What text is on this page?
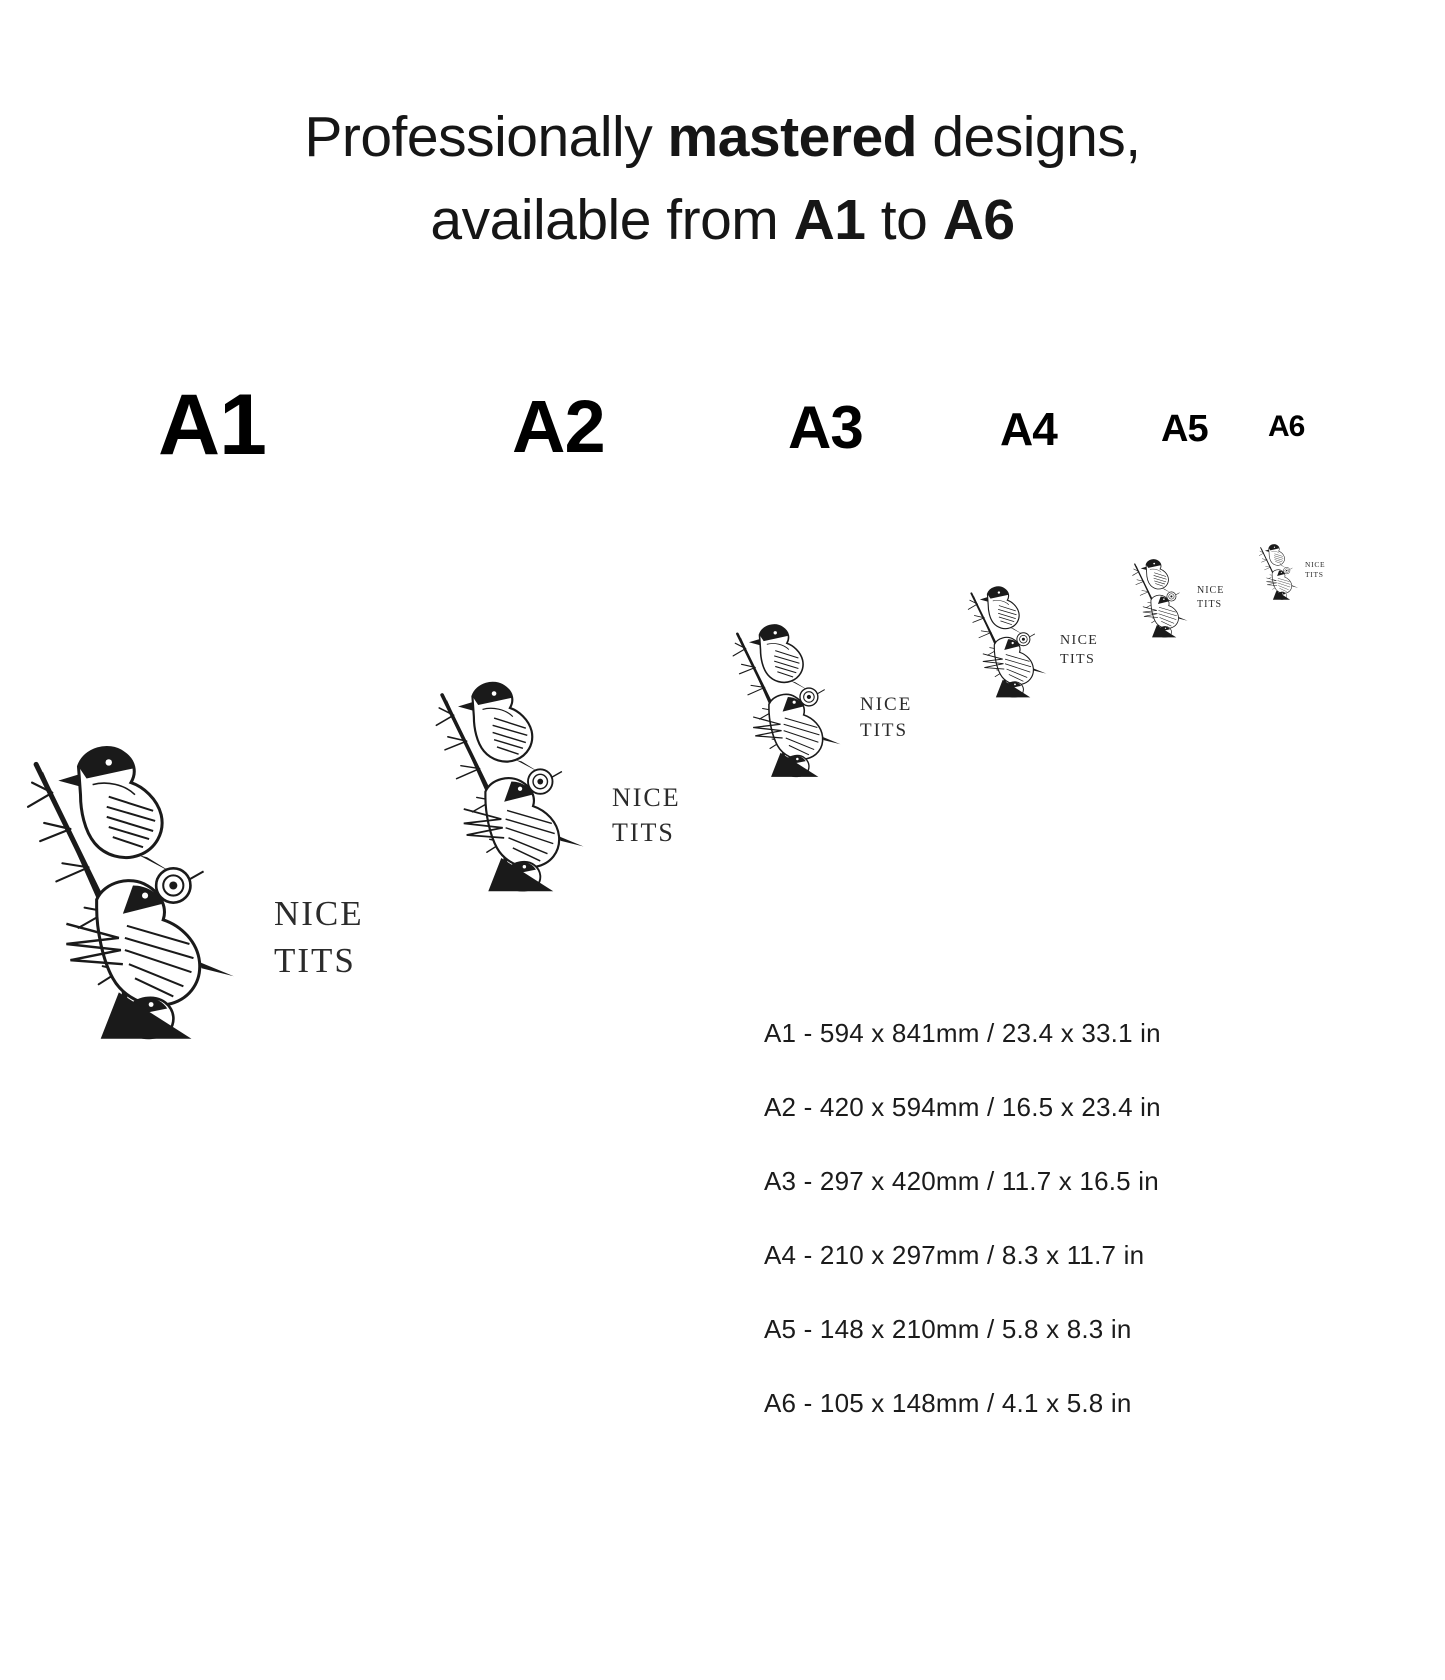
Professionally mastered designs,
available from A1 to A6
A1	A2	A3	A4	A5 A6
NICE
TITS
NICE
TITS
NICE
TITS
NICE
TITS
NICE
TITS
NICE
TITS
A1 - 594 x 841mm / 23.4 x 33.1 in
A2 - 420 x 594mm / 16.5 x 23.4 in
A3 - 297 x 420mm / 11.7 x 16.5 in
A4 - 210 x 297mm / 8.3 x 11.7 in
A5 - 148 x 210mm / 5.8 x 8.3 in
A6 - 105 x 148mm / 4.1 x 5.8 in
